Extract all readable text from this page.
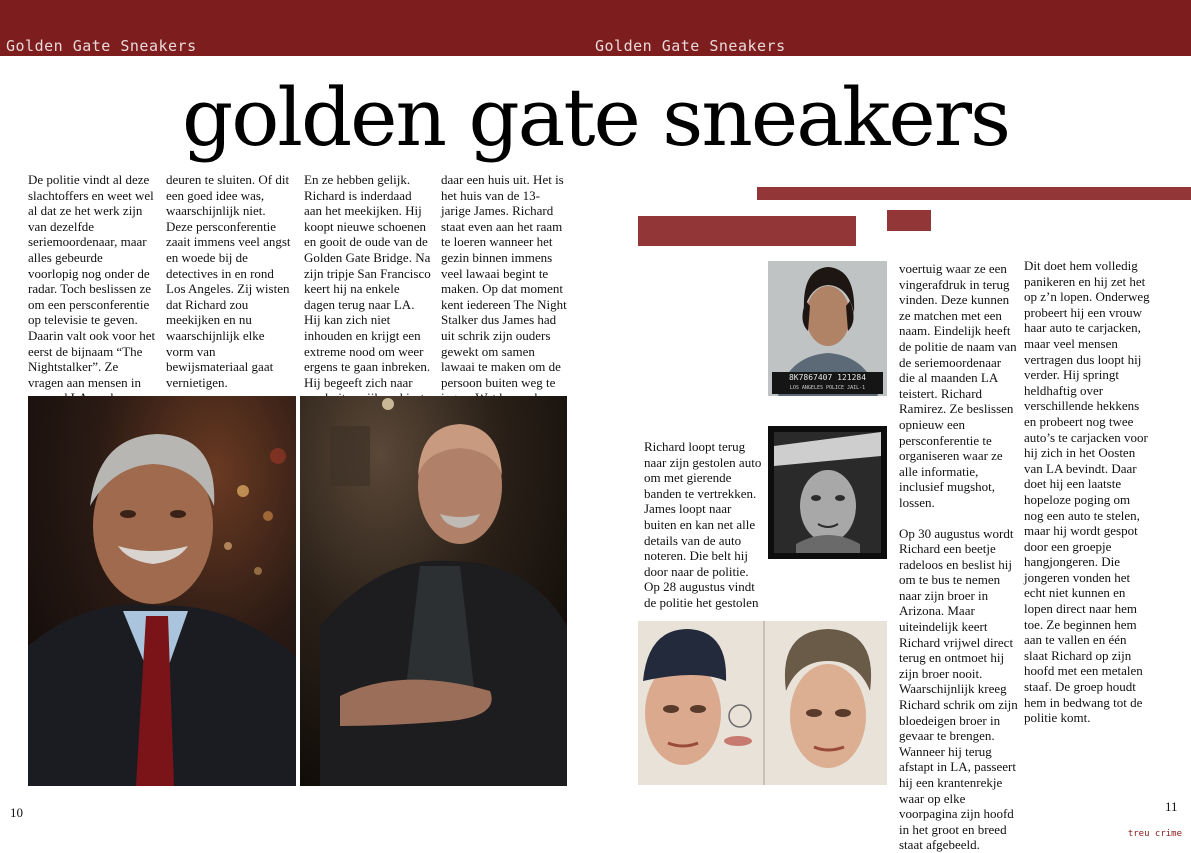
Golden Gate Sneakers	Golden Gate Sneakers
golden gate sneakers

De politie vindt al deze slachtoffers en weet wel al dat ze het werk zijn van dezelfde seriemoordenaar, maar alles gebeurde voorlopig nog onder de radar. Toch beslissen ze om een persconferentie op televisie te geven. Daarin valt ook voor het eerst de bijnaam “The Nightstalker”. Ze vragen aan mensen in

deuren te sluiten. Of dit een goed idee was, waarschijnlijk niet. Deze persconferentie zaait immens veel angst en woede bij de detectives in en rond Los Angeles. Zij wisten dat Richard zou meekijken en nu waarschijnlijk elke vorm van bewijsmateriaal gaat vernietigen.

En ze hebben gelijk. Richard is inderdaad aan het meekijken. Hij koopt nieuwe schoenen en gooit de oude van de Golden Gate Bridge. Na zijn tripje San Francisco keert hij na enkele dagen terug naar LA. Hij kan zich niet inhouden en krijgt een extreme nood om weer ergens te gaan inbreken. Hij begeeft zich naar

daar een huis uit. Het is het huis van de 13-jarige James. Richard staat even aan het raam te loeren wanneer het gezin binnen immens veel lawaai begint te maken. Op dat moment kent iedereen The Night Stalker dus James had uit schrik zijn ouders gewekt om samen lawaai te maken om de persoon buiten weg te

10
8K7867407 121284
LOS ANGELES POLICE JAIL-1

Richard loopt terug naar zijn gestolen auto om met gierende banden te vertrekken. James loopt naar buiten en kan net alle details van de auto noteren. Die belt hij door naar de politie. Op 28 augustus vindt de politie het gestolen

voertuig waar ze een vingerafdruk in terug vinden. Deze kunnen ze matchen met een naam. Eindelijk heeft de politie de naam van de seriemoordenaar die al maanden LA teistert. Richard Ramirez. Ze beslissen opnieuw een persconferentie te organiseren waar ze alle informatie, inclusief mugshot, lossen.

Op 30 augustus wordt Richard een beetje radeloos en beslist hij om te bus te nemen naar zijn broer in Arizona. Maar uiteindelijk keert Richard vrijwel direct terug en ontmoet hij zijn broer nooit. Waarschijnlijk kreeg Richard schrik om zijn bloedeigen broer in gevaar te brengen. Wanneer hij terug afstapt in LA, passeert hij een krantenrekje waar op elke voorpagina zijn hoofd in het groot en breed staat afgebeeld.

Dit doet hem volledig panikeren en hij zet het op z’n lopen. Onderweg probeert hij een vrouw haar auto te carjacken, maar veel mensen vertragen dus loopt hij verder. Hij springt heldhaftig over verschillende hekkens en probeert nog twee auto’s te carjacken voor hij zich in het Oosten van LA bevindt. Daar doet hij een laatste hopeloze poging om nog een auto te stelen, maar hij wordt gespot door een groepje hangjongeren. Die jongeren vonden het echt niet kunnen en lopen direct naar hem toe. Ze beginnen hem aan te vallen en één slaat Richard op zijn hoofd met een metalen staaf. De groep houdt hem in bedwang tot de politie komt.

11
treu crime
